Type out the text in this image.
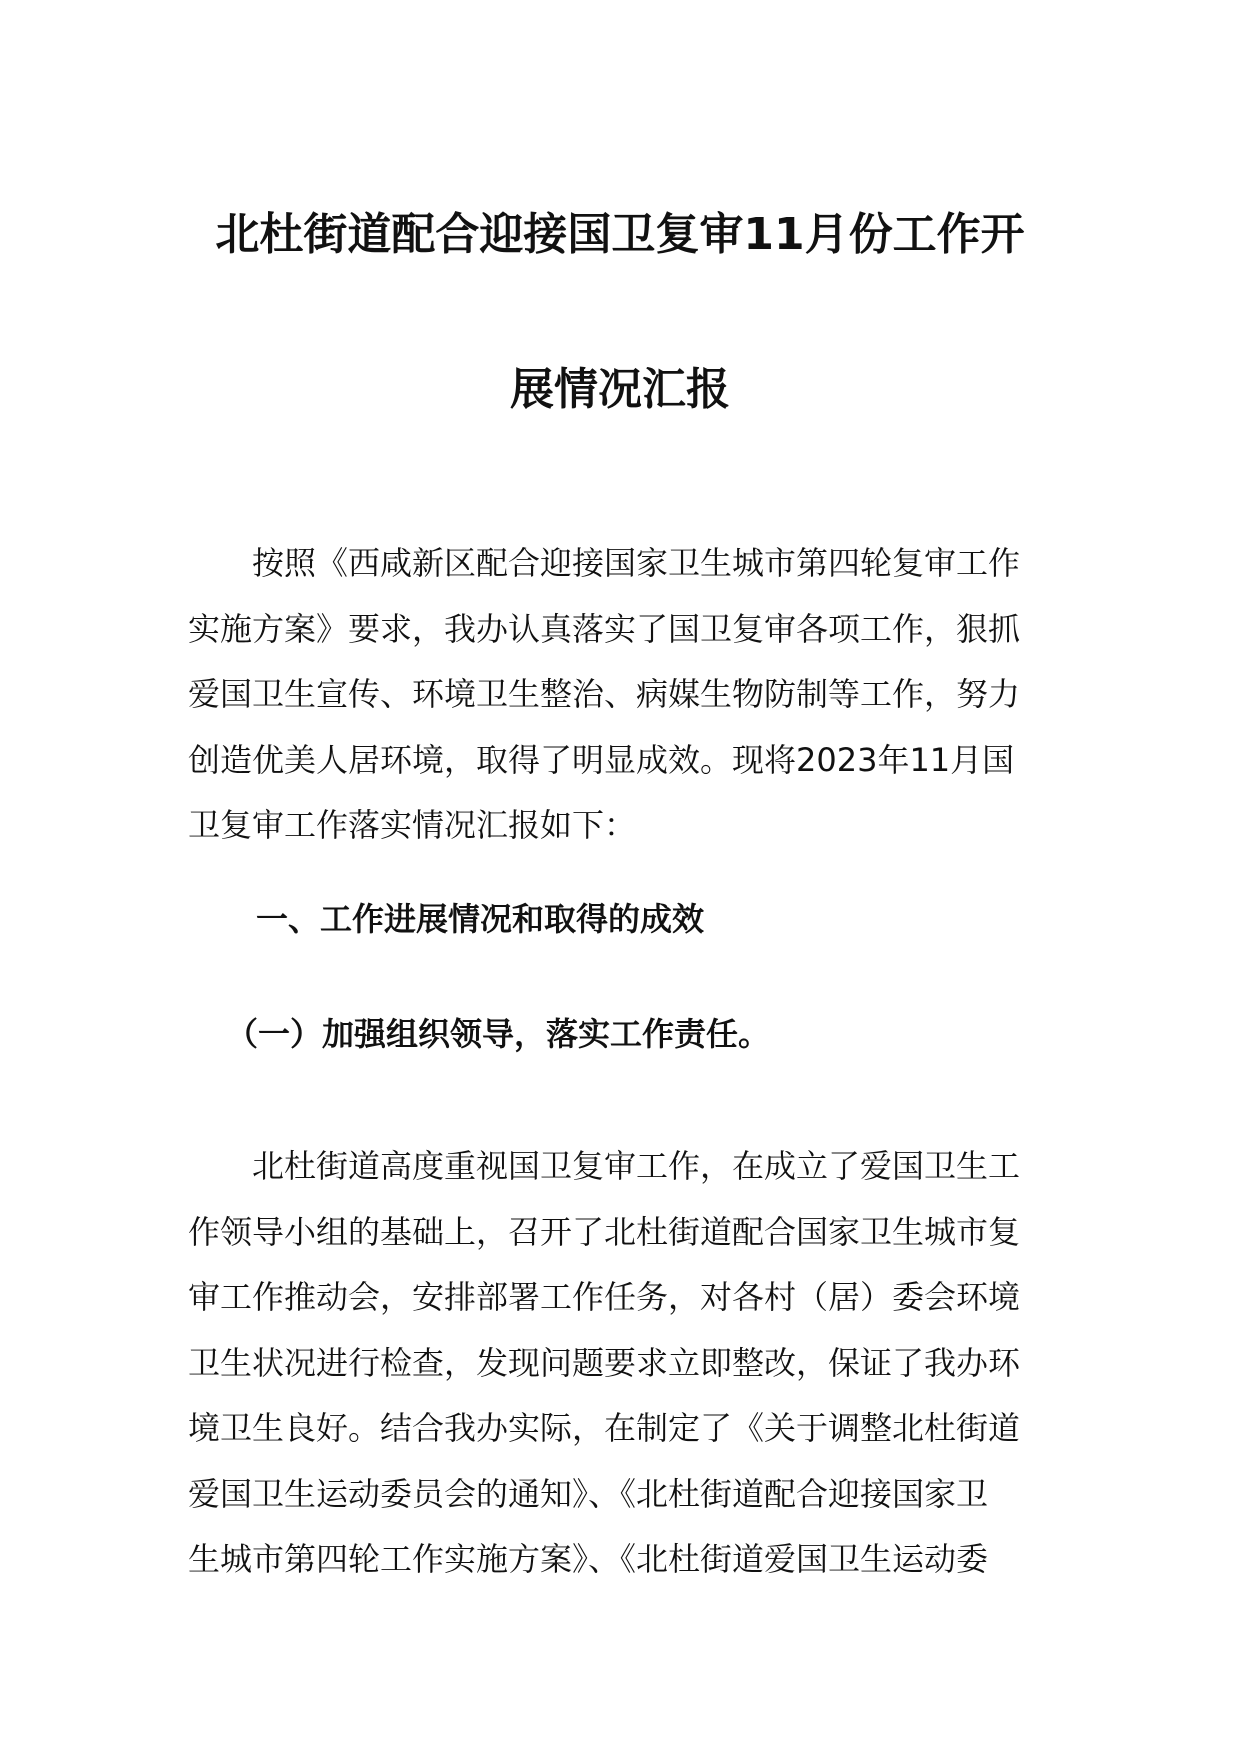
北杜街道配合迎接国卫复审11月份工作开
展情况汇报
按照《西咸新区配合迎接国家卫生城市第四轮复审工作
实施方案》要求，我办认真落实了国卫复审各项工作，狠抓
爱国卫生宣传、环境卫生整治、病媒生物防制等工作，努力
创造优美人居环境，取得了明显成效。现将2023年11月国
卫复审工作落实情况汇报如下：
一、工作进展情况和取得的成效
（一）加强组织领导，落实工作责任。
北杜街道高度重视国卫复审工作，在成立了爱国卫生工
作领导小组的基础上，召开了北杜街道配合国家卫生城市复
审工作推动会，安排部署工作任务，对各村（居）委会环境
卫生状况进行检查，发现问题要求立即整改，保证了我办环
境卫生良好。结合我办实际，在制定了《关于调整北杜街道
爱国卫生运动委员会的通知》、《北杜街道配合迎接国家卫
生城市第四轮工作实施方案》、《北杜街道爱国卫生运动委
